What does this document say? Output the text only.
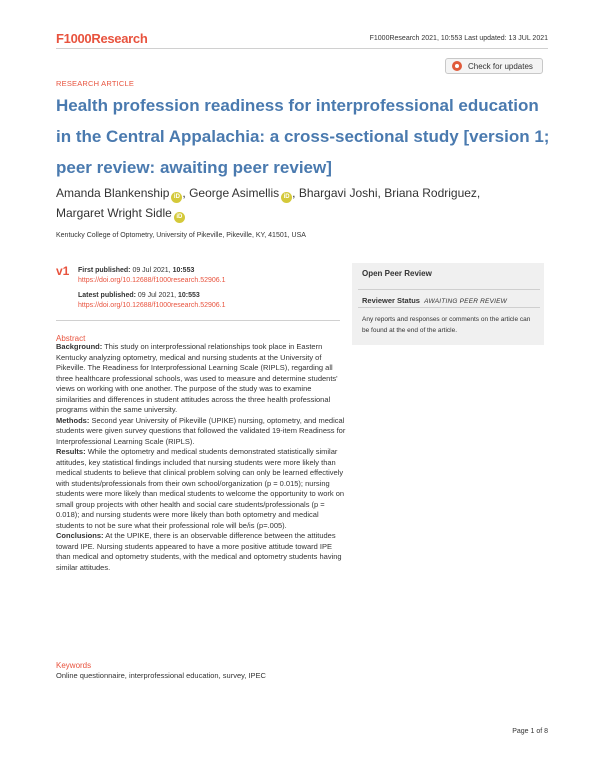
F1000Research	F1000Research 2021, 10:553 Last updated: 13 JUL 2021
RESEARCH ARTICLE
Check for updates
Health profession readiness for interprofessional education in the Central Appalachia: a cross-sectional study [version 1; peer review: awaiting peer review]
Amanda Blankenship iD , George Asimellis iD , Bhargavi Joshi, Briana Rodriguez,
Margaret Wright Sidle iD
Kentucky College of Optometry, University of Pikeville, Pikeville, KY, 41501, USA
v1 First published: 09 Jul 2021, 10:553
https://doi.org/10.12688/f1000research.52906.1
Latest published: 09 Jul 2021, 10:553
https://doi.org/10.12688/f1000research.52906.1
Open Peer Review
Reviewer Status AWAITING PEER REVIEW
Any reports and responses or comments on the article can be found at the end of the article.
Abstract

Background: This study on interprofessional relationships took place in Eastern Kentucky analyzing optometry, medical and nursing students at the University of Pikeville. The Readiness for Interprofessional Learning Scale (RIPLS), regarding all three healthcare professional schools, was used to measure and determine students' views on working with one another. The purpose of the study was to examine similarities and differences in student attitudes across the three health professional programs within the same university.

Methods: Second year University of Pikeville (UPIKE) nursing, optometry, and medical students were given survey questions that followed the validated 19-item Readiness for Interprofessional Learning Scale (RIPLS).

Results: While the optometry and medical students demonstrated statistically similar attitudes, key statistical findings included that nursing students were more likely than medical students to believe that clinical problem solving can only be learned effectively with students/professionals from their own school/organization (p = 0.015); nursing students were more likely than medical students to welcome the opportunity to work on small group projects with other health and social care students/professionals (p = 0.018); and nursing students were more likely than both optometry and medical students to not be sure what their professional role will be/is (p=.005).

Conclusions: At the UPIKE, there is an observable difference between the attitudes toward IPE. Nursing students appeared to have a more positive attitude toward IPE than medical and optometry students, with the medical and optometry students having similar attitudes.

Keywords
Online questionnaire, interprofessional education, survey, IPEC
Page 1 of 8
